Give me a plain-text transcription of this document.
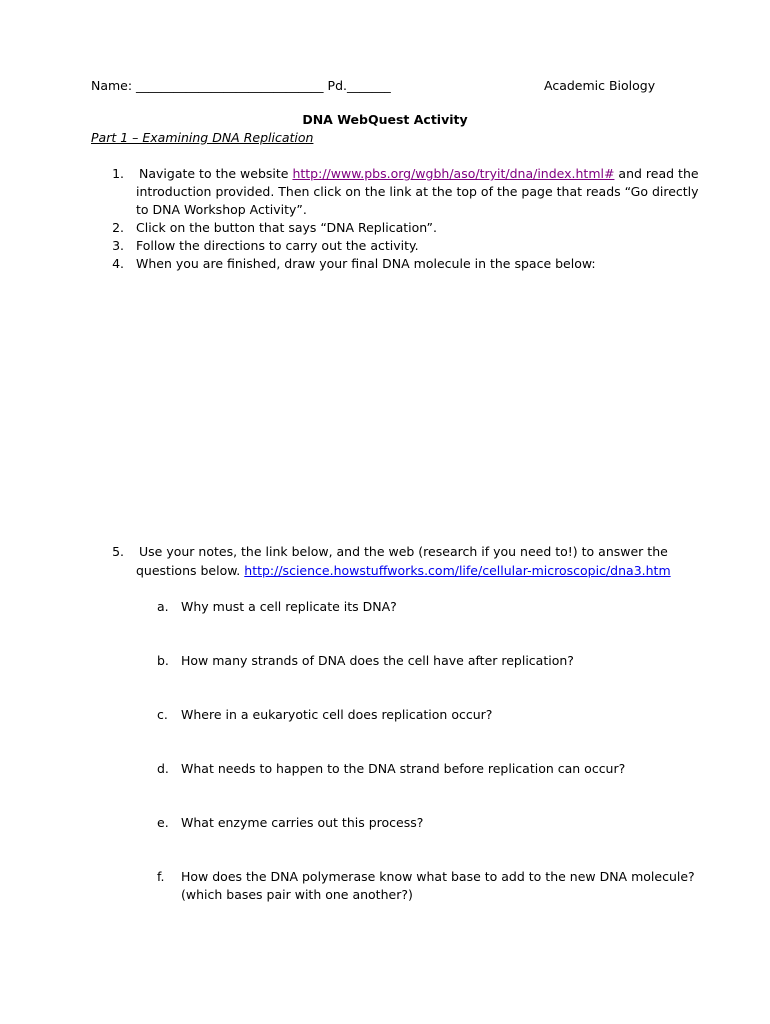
Name: ______________________________ Pd._______	Academic Biology
DNA WebQuest Activity
Part 1 – Examining DNA Replication
1. Navigate to the website http://www.pbs.org/wgbh/aso/tryit/dna/index.html# and read the
introduction provided. Then click on the link at the top of the page that reads “Go directly
to DNA Workshop Activity”.
2. Click on the button that says “DNA Replication”.
3. Follow the directions to carry out the activity.
4. When you are finished, draw your final DNA molecule in the space below:
5. Use your notes, the link below, and the web (research if you need to!) to answer the
questions below. http://science.howstuffworks.com/life/cellular-microscopic/dna3.htm
a. Why must a cell replicate its DNA?
b. How many strands of DNA does the cell have after replication?
c. Where in a eukaryotic cell does replication occur?
d. What needs to happen to the DNA strand before replication can occur?
e. What enzyme carries out this process?
f. How does the DNA polymerase know what base to add to the new DNA molecule?
(which bases pair with one another?)
